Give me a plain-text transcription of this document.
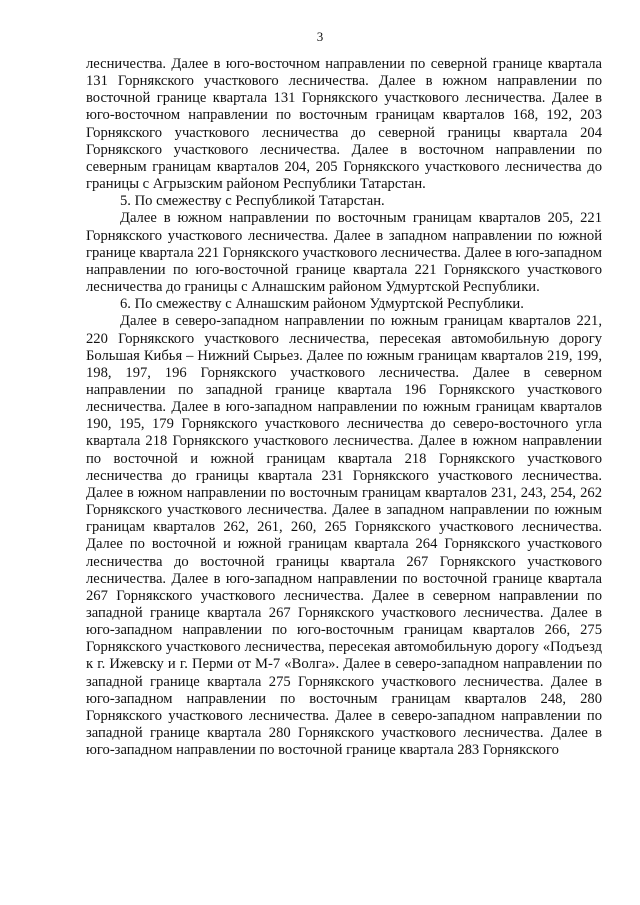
3

лесничества. Далее в юго-восточном направлении по северной границе квартала 131 Горнякского участкового лесничества. Далее в южном направлении по восточной границе квартала 131 Горнякского участкового лесничества. Далее в юго-восточном направлении по восточным границам кварталов 168, 192, 203 Горнякского участкового лесничества до северной границы квартала 204 Горнякского участкового лесничества. Далее в восточном направлении по северным границам кварталов 204, 205 Горнякского участкового лесничества до границы с Агрызским районом Республики Татарстан.

5. По смежеству с Республикой Татарстан.

Далее в южном направлении по восточным границам кварталов 205, 221 Горнякского участкового лесничества. Далее в западном направлении по южной границе квартала 221 Горнякского участкового лесничества. Далее в юго-западном направлении по юго-восточной границе квартала 221 Горнякского участкового лесничества до границы с Алнашским районом Удмуртской Республики.

6. По смежеству с Алнашским районом Удмуртской Республики.

Далее в северо-западном направлении по южным границам кварталов 221, 220 Горнякского участкового лесничества, пересекая автомобильную дорогу Большая Кибья – Нижний Сырьез. Далее по южным границам кварталов 219, 199, 198, 197, 196 Горнякского участкового лесничества. Далее в северном направлении по западной границе квартала 196 Горнякского участкового лесничества. Далее в юго-западном направлении по южным границам кварталов 190, 195, 179 Горнякского участкового лесничества до северо-восточного угла квартала 218 Горнякского участкового лесничества. Далее в южном направлении по восточной и южной границам квартала 218 Горнякского участкового лесничества до границы квартала 231 Горнякского участкового лесничества. Далее в южном направлении по восточным границам кварталов 231, 243, 254, 262 Горнякского участкового лесничества. Далее в западном направлении по южным границам кварталов 262, 261, 260, 265 Горнякского участкового лесничества. Далее по восточной и южной границам квартала 264 Горнякского участкового лесничества до восточной границы квартала 267 Горнякского участкового лесничества. Далее в юго-западном направлении по восточной границе квартала 267 Горнякского участкового лесничества. Далее в северном направлении по западной границе квартала 267 Горнякского участкового лесничества. Далее в юго-западном направлении по юго-восточным границам кварталов 266, 275 Горнякского участкового лесничества, пересекая автомобильную дорогу «Подъезд к г. Ижевску и г. Перми от М-7 «Волга». Далее в северо-западном направлении по западной границе квартала 275 Горнякского участкового лесничества. Далее в юго-западном направлении по восточным границам кварталов 248, 280 Горнякского участкового лесничества. Далее в северо-западном направлении по западной границе квартала 280 Горнякского участкового лесничества. Далее в юго-западном направлении по восточной границе квартала 283 Горнякского
